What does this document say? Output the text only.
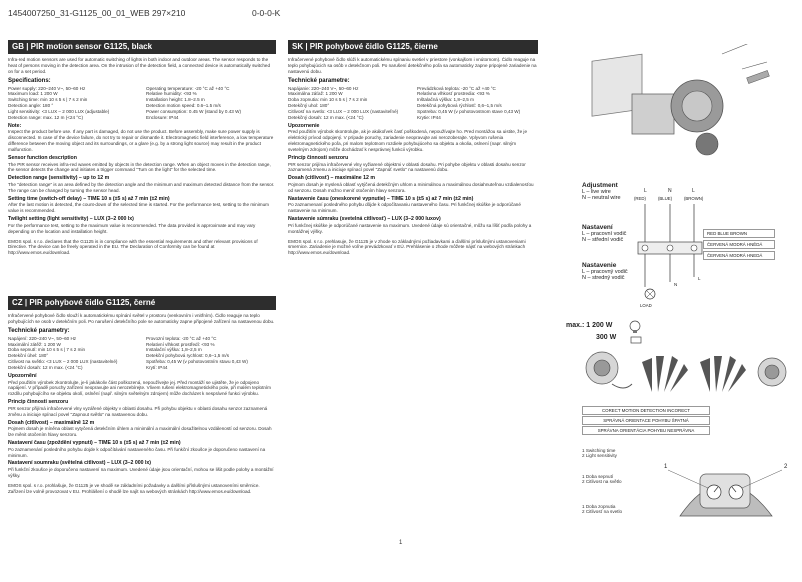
1454007250_31-G1125_00_01_WEB 297×210	0-0-0-K
GB | PIR motion sensor G1125, black

Infra-red motion sensors are used for automatic switching of lights in both indoor and outdoor areas. The sensor responds to the heat of persons moving in the detection area. On the intrusion of the detection field, a connected device is automatically switched on for a set period.

Specifications:
Power supply: 220–240 V~, 50–60 Hz
Maximum load: 1 200 W
Switching time: min 10 s 5 s | 7 s 2 min
Detection angle: 180 °
Light sensitivity: <3 LUX – 2 000 LUX (adjustable)
Detection range: max. 12 m (<24 °C)
Operating temperature: -20 °C až +40 °C
Relative humidity: <93 %
Installation height: 1.8–2.5 m
Detection motion speed: 0.6–1.5 m/s
Power consumption: 0.45 W (stand by 0.43 W)
Enclosure: IP44
Note:

Inspect the product before use. If any part is damaged, do not use the product. Before assembly, make sure power supply is disconnected. In case of the device failure, do not try to repair or dismantle it. Electromagnetic field interference, a low temperature difference between the moving object and its surroundings, or a glare (e.g. by a strong light source) may result in the product malfunction.

Sensor function description

The PIR sensor receives infra-red waves emitted by objects in the detection range. When an object moves in the detection range, the sensor detects the change and initiates a trigger command "Turn on the light" for the selected time.

Detection range (sensitivity) – up to 12 m

The "detection range" is an area defined by the detection angle and the minimum and maximum detected distance from the sensor. The range can be changed by turning the sensor head.

Setting time (switch-off delay) – TIME 10 s (±5 s) až 7 min (±2 min)

After the last motion is detected, the count-down of the selected time is started. For the performance test, setting to the minimum value is recommended.

Twilight setting (light sensitivity) – LUX (3–2 000 lx)

For the performance test, setting to the maximum value is recommended. The data provided is approximate and may vary depending on the location and installation height.

EMOS spol. s r.o. declares that the G1125 is in compliance with the essential requirements and other relevant provisions of Directive. The device can be freely operated in the EU. The Declaration of Conformity can be found at http://www.emos.eu/download.

CZ | PIR pohybové čidlo G1125, černé

Infračervené pohybové čidlo slouží k automatickému spínání světel v prostoru (venkovním i vnitřním). Čidlo reaguje na teplo pohybujících se osob v detekčním poli. Po narušení detekčního pole se automaticky zapne připojené zařízení na nastavenou dobu.

Technické parametry:
Napájení: 220–240 V~, 50–60 Hz
Maximální zátěž: 1 200 W
Doba sepnutí: min 10 s 5 s | 7 s 2 min
Detekční úhel: 180°
Citlivost na světlo: <3 LUX – 2 000 LUX (nastavitelné)
Detekční dosah: 12 m max. (<24 °C)
Provozní teplota: -20 °C až +40 °C
Relativní vlhkost prostředí: <93 %
Instalační výška: 1,8–2,5 m
Detekční pohybová rychlost: 0,6–1,5 m/s
Spotřeba: 0,45 W (v pohotovostním stavu 0,43 W)
Krytí: IP44
Upozornění

Před použitím výrobek zkontrolujte, je-li jakákoliv část poškozená, nepoužívejte jej. Před montáží se ujistěte, že je odpojeno napájení. V případě poruchy zařízení neopravujte ani nerozebírejte. Vlivem rušení elektromagnetického pole, při malém teplotním rozdílu pohybujícího se objektu okolí, oslnění (např. silným světelným zdrojem) může docházet k nesprávné funkci výrobku.

Princip činnosti senzoru

PIR senzor přijímá infračervené vlny vyzářené objekty v oblasti dosahu. Při pohybu objektu v oblasti dosahu senzor zaznamená změnu a iniciuje spínací povel "Zapnout světlo" na nastavenou dobu.

Dosah (citlivost) – maximálně 12 m

Pojmem dosah je míněna oblast vytyčená detekčním úhlem a minimální a maximální dosažitelnou vzdáleností od senzoru. Dosah lze měnit otočením hlavy senzoru.

Nastavení času (zpoždění vypnutí) – TIME 10 s (±5 s) až 7 min (±2 min)

Po zaznamenání posledního pohybu dojde k odpočítávání nastaveného času. Při funkční zkoušce je doporučeno nastavení na minimum.

Nastavení soumraku (světelná citlivost) – LUX (3–2 000 lx)

Při funkční zkoušce je doporučeno nastavení na maximum. Uvedené údaje jsou orientační, mohou se lišit podle polohy a montážní výšky.

EMOS spol. s r.o. prohlašuje, že G1125 je ve shodě se základními požadavky a dalšími příslušnými ustanoveními směrnice. Zařízení lze volně provozovat v EU. Prohlášení o shodě lze najít na webových stránkách http://www.emos.eu/download.

SK | PIR pohybové čidlo G1125, čierne

Infračervené pohybové čidlo slúži k automatickému spínaniu svetiel v priestore (vonkajšom i vnútornom). Čidlo reaguje na teplo pohybujúcich sa osôb v detekčnom poli. Po narušení detekčného poľa sa automaticky zapne pripojené zariadenie na nastavenú dobu.

Technické parametre:
Napájanie: 220–240 V~, 50–60 Hz
Maximálna záťaž: 1 200 W
Doba zopnutia: min 10 s 5 s | 7 s 2 min
Detekčný uhol: 180°
Citlivosť na svetlo: <3 LUX – 2 000 LUX (nastaviteľné)
Detekčný dosah: 12 m max. (<24 °C)
Prevádzková teplota: -20 °C až +40 °C
Relatívna vlhkosť prostredia: <93 %
Inštalačná výška: 1,8–2,5 m
Detekčná pohybová rýchlosť: 0,6–1,5 m/s
Spotreba: 0,45 W (v pohotovostnom stave 0,43 W)
Krytie: IP44
Upozornenie

Pred použitím výrobok skontrolujte, ak je akákoľvek časť poškodená, nepoužívajte ho. Pred montážou sa uistite, že je elektrický prívod odpojený. V prípade poruchy, zariadenie neopravujte ani nerozoberajte. Vplyvom rušenia elektromagnetického poľa, pri malom teplotnom rozdiele pohybujúceho sa objektu a okolia, oslnení (napr. silným svetelným zdrojom) môže dochádzať k nesprávnej funkcii výrobku.

Princíp činnosti senzoru

PIR senzor prijíma infračervené vlny vyžiarené objektmi v oblasti dosahu. Pri pohybe objektu v oblasti dosahu senzor zaznamená zmenu a iniciuje spínací povel "Zapnúť svetlo" na nastavenú dobu.

Dosah (citlivosť) – maximálne 12 m

Pojmom dosah je myslená oblasť vytýčená detekčným uhlom a minimálnou a maximálnou dosiahnuteľnou vzdialenosťou od senzoru. Dosah možno meniť otočením hlavy senzora.

Nastavenie času (oneskorené vypnutie) – TIME 10 s (±5 s) až 7 min (±2 min)

Po zaznamenaní posledného pohybu dôjde k odpočítavaniu nastaveného času. Pri funkčnej skúške je odporúčané nastavenie na minimum.

Nastavenie súmraku (svetelná citlivosť) – LUX (3–2 000 luxov)

Pri funkčnej skúške je odporúčané nastavenie na maximum. Uvedené údaje sú orientačné, môžu sa líšiť podľa polohy a montážnej výšky.

EMOS spol. s r.o. prehlasuje, že G1125 je v zhode so základnými požiadavkami a ďalšími príslušnými ustanoveniami smernice. Zariadenie je možné voľne prevádzkovať v EÚ. Prehlásenie o zhode môžete nájsť na webových stránkach http://www.emos.eu/download.

1
Adjustment
L – live wire
N – neutral wire
Nastavení
L – pracovní vodič
N – střední vodič
Nastavenie
L – pracovný vodič
N – stredný vodič
L	N	L
(RED)	(BLUE)	(BROWN)
LOAD
N
L
RED BLUE BROWN
ČERVENÁ MODRÁ HNĚDÁ
ČERVENÁ MODRÁ HNEDÁ
max.: 1 200 W
300 W
CORECT MOTION DETECTION INCORECT
SPRÁVNÁ ORIENTACE POHYBU ŠPATNÁ
SPRÁVNA ORIENTÁCIA POHYBU NESPRÁVNA
1 Switching time
2 Light sensitivity
1 Doba sepnutí
2 Citlivost na světlo
1 Doba zopnutia
2 Citlivosť na svetlo
1	2
